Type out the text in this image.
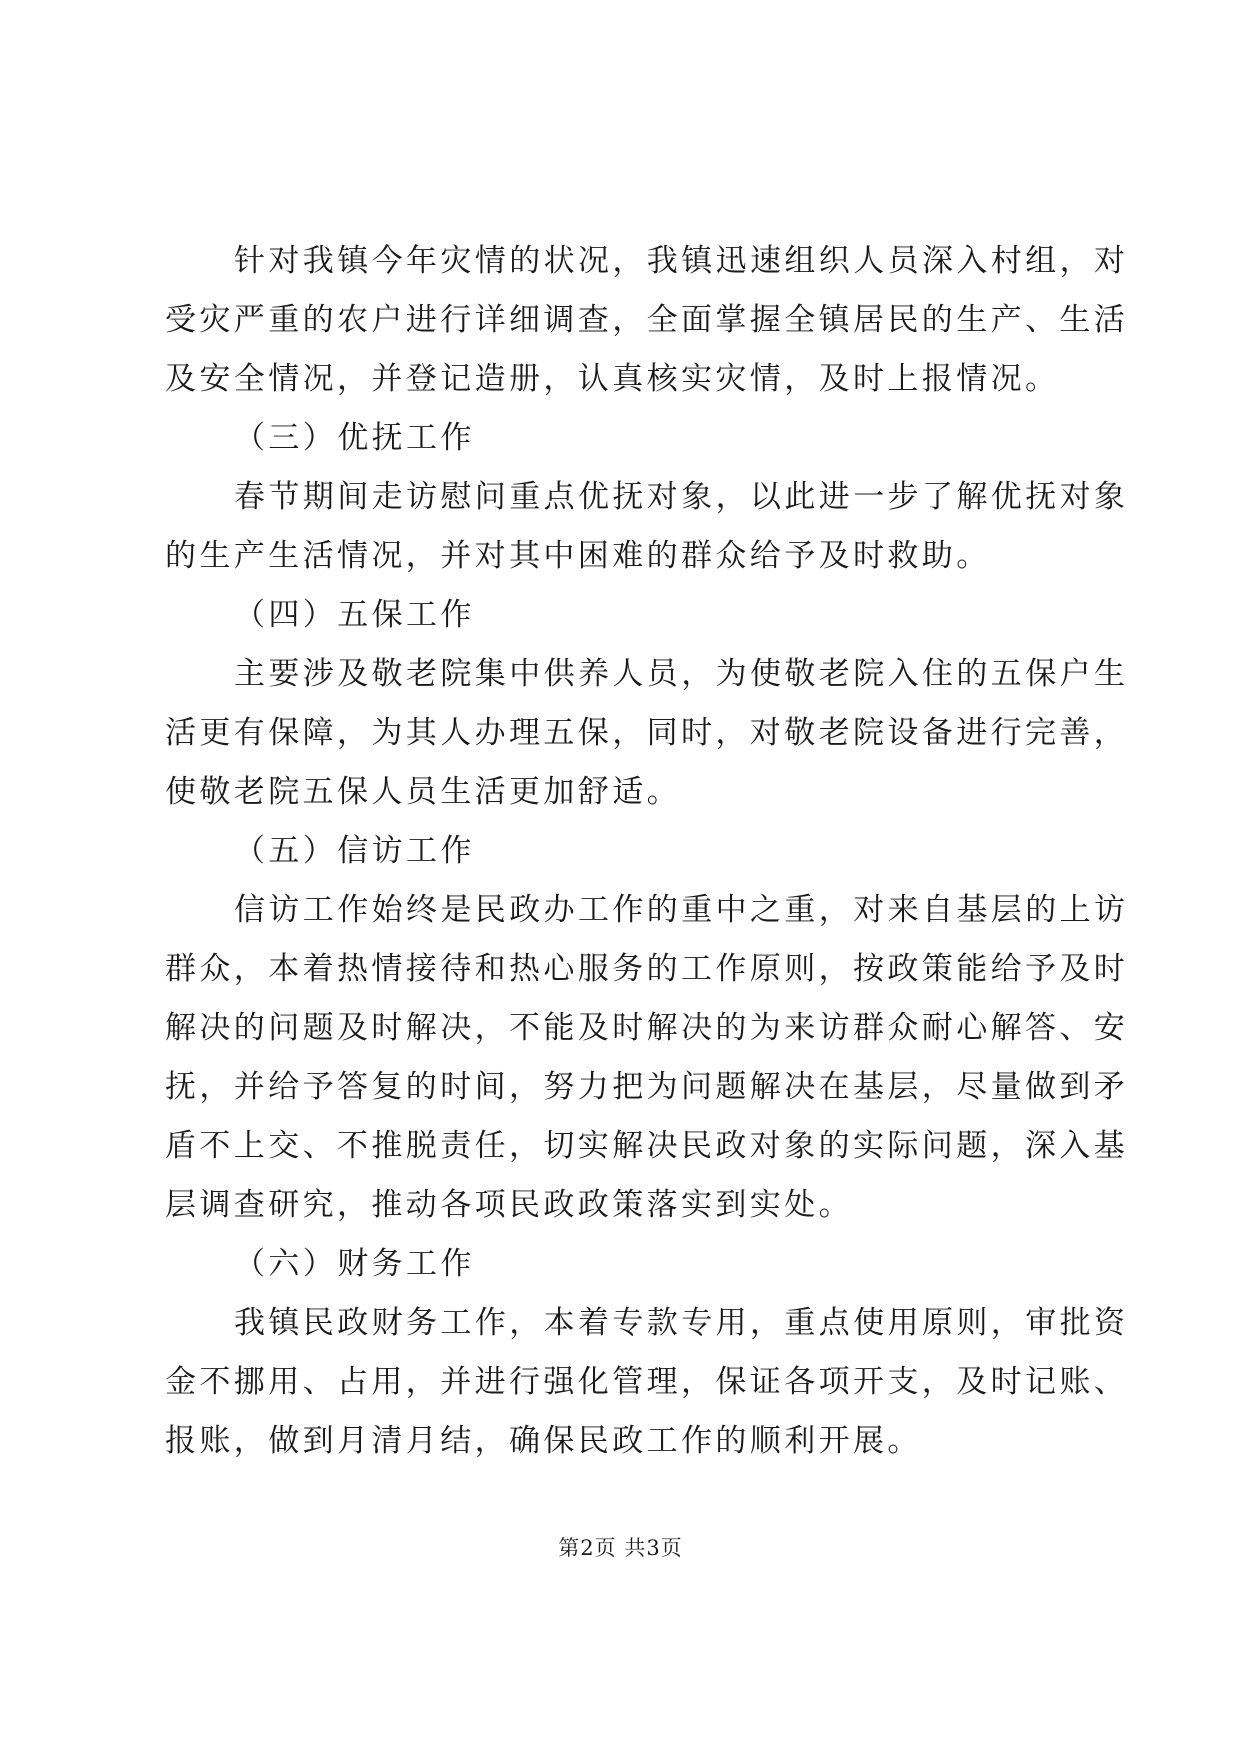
针对我镇今年灾情的状况，我镇迅速组织人员深入村组，对
受灾严重的农户进行详细调查，全面掌握全镇居民的生产、生活
及安全情况，并登记造册，认真核实灾情，及时上报情况。
（三）优抚工作
春节期间走访慰问重点优抚对象，以此进一步了解优抚对象
的生产生活情况，并对其中困难的群众给予及时救助。
（四）五保工作
主要涉及敬老院集中供养人员，为使敬老院入住的五保户生
活更有保障，为其人办理五保，同时，对敬老院设备进行完善，
使敬老院五保人员生活更加舒适。
（五）信访工作
信访工作始终是民政办工作的重中之重，对来自基层的上访
群众，本着热情接待和热心服务的工作原则，按政策能给予及时
解决的问题及时解决，不能及时解决的为来访群众耐心解答、安
抚，并给予答复的时间，努力把为问题解决在基层，尽量做到矛
盾不上交、不推脱责任，切实解决民政对象的实际问题，深入基
层调查研究，推动各项民政政策落实到实处。
（六）财务工作
我镇民政财务工作，本着专款专用，重点使用原则，审批资
金不挪用、占用，并进行强化管理，保证各项开支，及时记账、
报账，做到月清月结，确保民政工作的顺利开展。
第2页 共3页
